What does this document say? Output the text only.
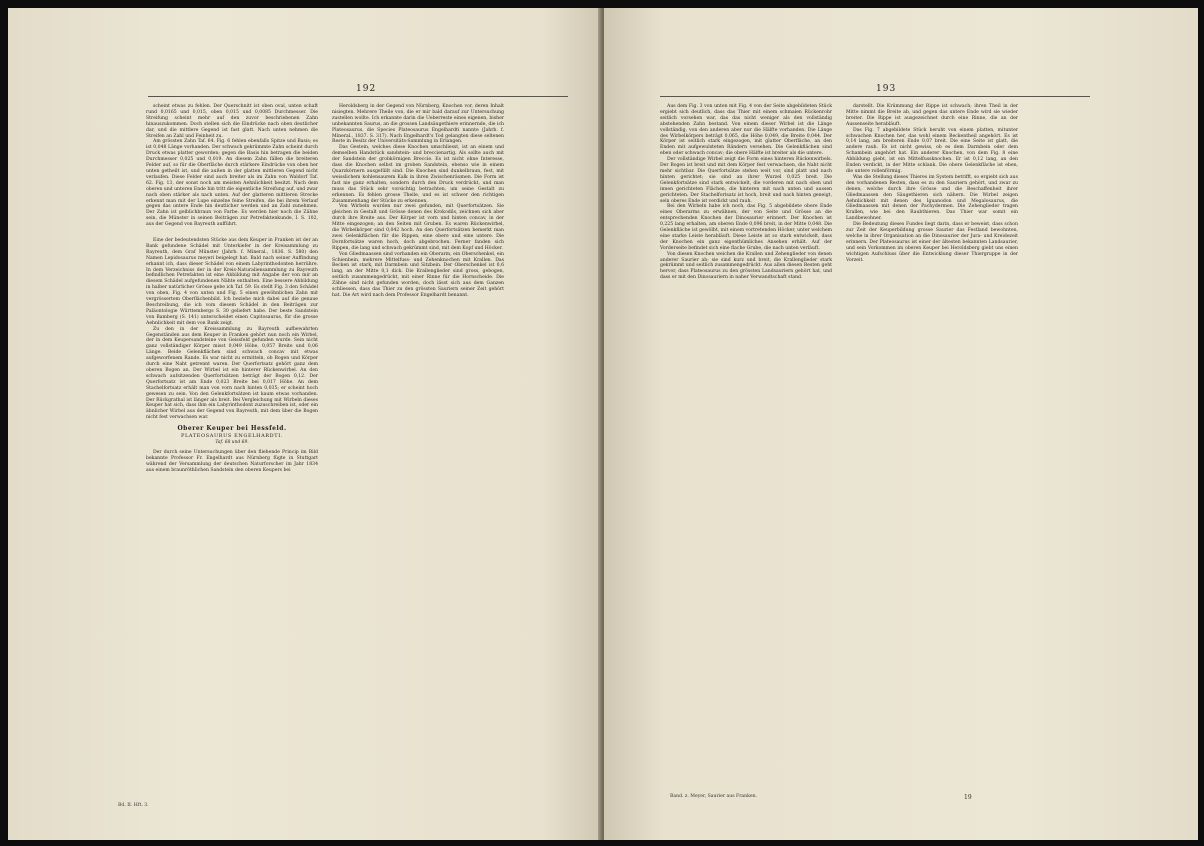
192

scheint etwas zu fehlen. Der Querschnitt ist oben oval, unten schaft rund 0,0165 und 0,015, oben 0,015 und 0,0085 Durchmesser. Die Streifung scheint mehr auf den zuvor beschriebenen Zahn hinauszukommen. Doch stellen sich die Eindrücke nach oben deutlicher dar, und die mittlere Gegend ist fast glatt. Nach unten nehmen die Streifen an Zahl und Feinheit zu.

Am grössten Zahn Taf. 64. Fig. 6 fehlen ebenfalls Spitze und Basis; es ist 0,048 Länge vorhanden. Der schwach gekrümmte Zahn scheint durch Druck etwas platter geworden; gegen die Basis hin betragen die beiden Durchmesser 0,025 und 0,019. An diesem Zahn fällen die breiteren Felder auf, so für die Oberfläche durch stärkere Eindrücke von oben her unten getheilt ist, und die außen in der glatten mittleren Gegend nicht verlaufen. Diese Felder sind auch breiter als im Zahn von Waldorf Taf. 62. Fig. 13, der sonst noch am meisten Aehnlichkeit besitzt. Nach dem oberen und unteren Ende hin tritt die eigentliche Streifung auf, und zwar nach oben stärker als nach unten. Auf der glatteren mittleren Strecke erkennt man mit der Lupe einzelne feine Streifen, die bei ihrem Verlauf gegen das untere Ende hin deutlicher werden und an Zahl zunehmen. Der Zahn ist gelblichbraun von Farbe. Es werden hier noch die Zähne sein, die Münster in seinen Beiträgen zur Petrefaktenkunde, I. S. 102, aus der Gegend von Bayreuth aufführt.

Eine der bedeutendsten Stücke aus dem Keuper in Franken ist der an Bank gefundene Schädel mit Unterkiefer in der Kreisammlung zu Bayreuth, dem Graf Münster (Jahrb. f. Mineral., 1836. S. 580) den Namen Lepidosaurus meyeri beigelegt hat. Bald nach seiner Auffindung erkannt ich, dass dieser Schädel von einem Labyrinthodonten herrühre. In dem Verzeichniss der in der Kreis-Naturaliensammlung zu Bayreuth befindlichen Petrefakten ist eine Abbildung mit Angabe der von mir an diesem Schädel aufgefundenen Nähte enthalten. Eine bessere Abbildung in halber natürlicher Grösse gebe ich Taf. 59. Es stellt Fig. 3 den Schädel von oben, Fig. 4 von unten und Fig. 5 einen gewöhnlichen Zahn mit vergrössertem Oberflächenbild. Ich beziehe mich dabei auf die genaue Beschreibung, die ich vom diesem Schädel in den Beiträgen zur Paläontologie Württembergs S. 30 geliefert habe. Der beste Sandstein von Bamberg (S. 141) unterscheidet einen Capitosaurus, für die grosse Aehnlichkeit mit dem von Bank zeigt.

Zu den in der Kreissammlung zu Bayreuth aufbewahrten Gegenständen aus dem Keuper in Franken gehört nun noch ein Wirbel, der in dem Keupersandsteine von Geissfeld gefunden wurde. Sein nicht ganz vollständiger Körper misst 0,049 Höhe, 0,057 Breite und 0,06 Länge. Beide Gelenkflächen sind schwach concav mit etwas aufgeworfenem Rande. Es war nicht zu ermitteln, ob Bogen und Körper durch eine Naht getrennt waren. Der Querfortsatz gehört ganz dem oberen Bogen an. Der Wirbel ist ein hinterer Rückenwirbel. An den schwach aufsitzenden Querfortsätzen beträgt der Bogen 0,12. Der Querfortsatz ist am Ende 0,023 Breite bei 0,017 Höhe. An dem Stachelfortsatz erhält man von vorn nach hinten 0,035; er scheint hoch gewesen zu sein. Von den Gelenkfortsätzen ist kaum etwas vorhanden. Der Rückgrathal ist länger als breit. Bei Vergleichung mit Wirbeln dieses Keuper hat sich, dass ihm ein Labyrinthodont zuzuschreiben ist, oder ein ähnlicher Wirbel aus der Gegend von Bayreuth, mit dem über die Bogen nicht fest verwachsen war.

Oberer Keuper bei Hessfeld.

PLATEOSAURUS ENGELHARDTI.

Taf. 68 und 69.

Der durch seine Untersuchungen über den fliehende Princip im Bild bekannte Professor Fr. Engelhardt aus Nürnberg fügte in Stuttgart während der Versammlung der deutschen Naturforscher im Jahr 1834 aus einem braunröthlichen Sandstein den oberen Keupers bei

Heroldsberg in der Gegend von Nürnberg, Knochen vor, deren Inhalt nisiegten. Mehrere Theile von, die er mir bald darauf zur Untersuchung zustellen wollte. Ich erkannte darin die Ueberreste eines eigenen, bisher unbekannten Saurus, an die grossen Landsäugethiere erinnernde, die ich Plateosaurus, die Species Plateosaurus Engelhardti nannte (Jahrb. f. Mineral., 1837. S. 317). Nach Engelhardt's Tod gelangten diese seltenen Reste in Besitz der Universitäts-Sammlung in Erlangen.

Das Gestein, welches diese Knochen umschliesst, ist an einem und demselben Handstück sandstein- und breccienartig. Als sollte auch mit der Sandstein der grobkörnigen Breccie. Es ist nicht ohne Interesse, dass die Knochen selbst im groben Sandstein, ebenso wie in einem Quarzkörnern ausgefüllt sind. Die Knochen sind dunkelbraun, fest, mit weisslichem kohlensaurem Kalk in ihren Zwischenräumen. Die Form ist fast nie ganz erhalten, sondern durch den Druck verdrückt, und man muss das Stück sehr vorsichtig betrachten, um seine Gestalt zu erkennen. Es fehlen grosse Theile, und es ist schwer den richtigen Zusammenhang der Stücke zu erkennen.

Von Wirbeln wurden nur zwei gefunden, mit Querfortsätzen. Sie gleichen in Gestalt und Grösse denen des Krokodils, zeichnen sich aber durch ihre Breite aus. Der Körper ist vorn und hinten concav, in der Mitte eingezogen; an den Seiten mit Gruben. Es waren Rückenwirbel, die Wirbelkörper sind 0,042 hoch. An den Querfortsätzen bemerkt man zwei Gelenkflächen für die Rippen, eine obere und eine untere. Die Dornfortsätze waren hoch, doch abgebrochen. Ferner fanden sich Rippen, die lang und schwach gekrümmt sind, mit dem Kopf und Höcker.

Von Gliedmaassen sind vorhanden ein Oberarm, ein Oberschenkel, ein Schienbein, mehrere Mittelfuss- und Zehenknochen mit Krallen. Das Becken ist stark, mit Darmbein und Sitzbein. Der Oberschenkel ist 0,6 lang, an der Mitte 0,1 dick. Die Krallenglieder sind gross, gebogen, seitlich zusammengedrückt, mit einer Rinne für die Hornscheide. Die Zähne sind nicht gefunden worden, doch lässt sich aus dem Ganzen schliessen, dass das Thier zu den grössten Sauriern seiner Zeit gehört hat. Die Art wird nach dem Professor Engelhardt benannt.

Bd. II. Hft. 3.
193

Aus dem Fig. 3 von unten mit Fig. 4 von der Seite abgebildeten Stück ergiebt sich deutlich, dass das Thier mit einem schmalen Rückenrohr seitlich vorsehen war, das das nicht weniger als den vollständig abstehenden Zahn bestand. Von einem dieser Wirbel ist die Länge vollständig, von den anderen aber nur die Hälfte vorhanden. Die Länge des Wirbelkörpers beträgt 0,065, die Höhe 0,049, die Breite 0,044. Der Körper ist seitlich stark eingezogen, mit glatter Oberfläche, an den Enden mit aufgewulsteten Rändern versehen. Die Gelenkflächen sind eben oder schwach concav; die obere Hälfte ist breiter als die untere.

Der vollständige Wirbel zeigt die Form eines hinteren Rückenwirbels. Der Bogen ist breit und mit dem Körper fest verwachsen, die Naht nicht mehr sichtbar. Die Querfortsätze stehen weit vor, sind platt und nach hinten gerichtet; sie sind an ihrer Wurzel 0,025 breit. Die Gelenkfortsätze sind stark entwickelt, die vorderen mit nach oben und innen gerichteten Flächen, die hinteren mit nach unten und aussen gerichteten. Der Stachelfortsatz ist hoch, breit und nach hinten geneigt, sein oberes Ende ist verdickt und rauh.

Bei den Wirbeln habe ich noch, das Fig. 5 abgebildete obere Ende eines Oberarms zu erwähnen, der von Seite und Grösse an die entsprechenden Knochen der Dinosaurier erinnert. Der Knochen ist 0,225 lang erhalten, am oberen Ende 0,096 breit, in der Mitte 0,048. Die Gelenkfläche ist gewölbt, mit einem vortretenden Höcker, unter welchem eine starke Leiste herabläuft. Diese Leiste ist so stark entwickelt, dass der Knochen ein ganz eigenthümliches Ansehen erhält. Auf der Vorderseite befindet sich eine flache Grube, die nach unten verläuft.

Von diesen Knochen weichen die Krallen und Zehenglieder von denen anderer Saurier ab; sie sind kurz und breit, die Krallenglieder stark gekrümmt und seitlich zusammengedrückt. Aus allen diesen Resten geht hervor, dass Plateosaurus zu den grössten Landsauriern gehört hat, und dass er mit den Dinosauriern in naher Verwandtschaft stand.

darstellt. Die Krümmung der Rippe ist schwach; ihren Theil in der Mitte nimmt die Breite ab, und gegen das untere Ende wird sie wieder breiter. Die Rippe ist ausgezeichnet durch eine Rinne, die an der Aussenseite herabläuft.

Das Fig. 7 abgebildete Stück beruht von einem platten, mitunter schwachen Knochen her, das wohl einem Beckentheil angehört. Es ist 0,14 lang, am breiteren Ende 0,07 breit. Die eine Seite ist glatt, die andere rauh. Es ist nicht gewiss, ob es dem Darmbein oder dem Schambein angehört hat. Ein anderer Knochen, von dem Fig. 8 eine Abbildung giebt, ist ein Mittelfussknochen. Er ist 0,12 lang, an den Enden verdickt, in der Mitte schlank. Die obere Gelenkfläche ist eben, die untere rollenförmig.

Was die Stellung dieses Thieres im System betrifft, so ergiebt sich aus den vorhandenen Resten, dass es zu den Sauriern gehört, und zwar zu denen, welche durch ihre Grösse und die Beschaffenheit ihrer Gliedmaassen den Säugethieren sich nähern. Die Wirbel zeigen Aehnlichkeit mit denen des Iguanodon und Megalosaurus, die Gliedmaassen mit denen der Pachydermen. Die Zehenglieder tragen Krallen, wie bei den Raubthieren. Das Thier war somit ein Landbewohner.

Die Bedeutung dieses Fundes liegt darin, dass er beweist, dass schon zur Zeit der Keuperbildung grosse Saurier das Festland bewohnten, welche in ihrer Organisation an die Dinosaurier der Jura- und Kreidezeit erinnern. Der Plateosaurus ist einer der ältesten bekannten Landsaurier, und sein Vorkommen im oberen Keuper bei Heroldsberg giebt uns einen wichtigen Aufschluss über die Entwicklung dieser Thiergruppe in der Vorzeit.

Band. z. Meyer, Saurier aus Franken.	19
